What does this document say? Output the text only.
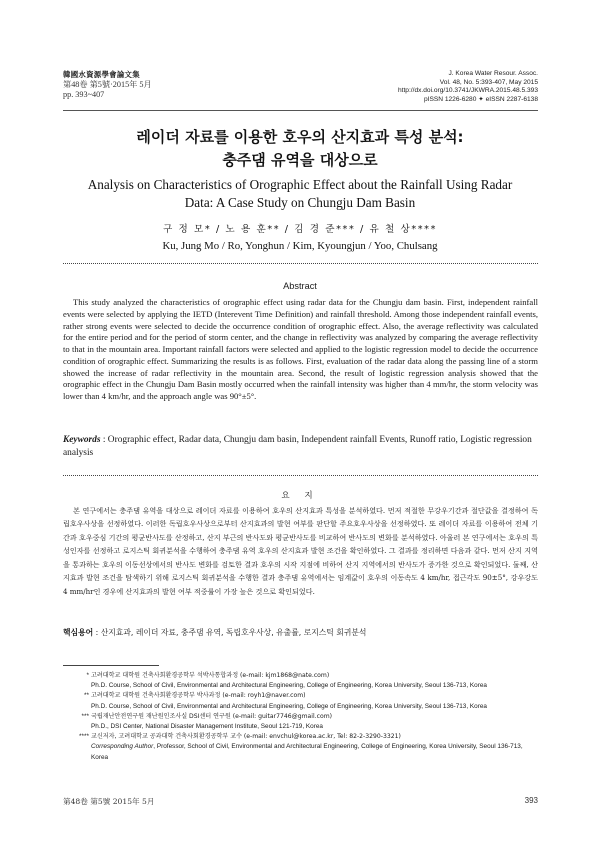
韓國水資源學會論文集
第48卷 第5號·2015年 5月
pp. 393~407
J. Korea Water Resour. Assoc.
Vol. 48, No. 5:393-407, May 2015
http://dx.doi.org/10.3741/JKWRA.2015.48.5.393
pISSN 1226-6280 ✦ eISSN 2287-6138
레이더 자료를 이용한 호우의 산지효과 특성 분석:
충주댐 유역을 대상으로
Analysis on Characteristics of Orographic Effect about the Rainfall Using Radar
Data: A Case Study on Chungju Dam Basin
구 정 모* / 노 용 훈** / 김 경 준*** / 유 철 상****
Ku, Jung Mo / Ro, Yonghun / Kim, Kyoungjun / Yoo, Chulsang
Abstract
This study analyzed the characteristics of orographic effect using radar data for the Chungju dam basin. First, independent rainfall events were selected by applying the IETD (Interevent Time Definition) and rainfall threshold. Among those independent rainfall events, rather strong events were selected to decide the occurrence condition of orographic effect. Also, the average reflectivity was calculated for the entire period and for the period of storm center, and the change in reflectivity was analyzed by comparing the average reflectivity to that in the mountain area. Important rainfall factors were selected and applied to the logistic regression model to decide the occurrence condition of orographic effect. Summarizing the results is as follows. First, evaluation of the radar data along the passing line of a storm showed the increase of radar reflectivity in the mountain area. Second, the result of logistic regression analysis showed that the orographic effect in the Chungju Dam Basin mostly occurred when the rainfall intensity was higher than 4 mm/hr, the storm velocity was lower than 4 km/hr, and the approach angle was 90°±5°.
Keywords : Orographic effect, Radar data, Chungju dam basin, Independent rainfall Events, Runoff ratio, Logistic regression analysis
요 지
본 연구에서는 충주댐 유역을 대상으로 레이더 자료를 이용하여 호우의 산지효과 특성을 분석하였다. 먼저 적절한 무강우기간과 절단값을 결정하여 독립호우사상을 선정하였다. 이러한 독립호우사상으로부터 산지효과의 발현 여부를 판단할 주요호우사상을 선정하였다. 또 레이더 자료를 이용하여 전체 기간과 호우중심 기간의 평균반사도를 산정하고, 산지 부근의 반사도와 평균반사도를 비교하여 반사도의 변화를 분석하였다. 아울러 본 연구에서는 호우의 특성인자를 선정하고 로지스틱 회귀분석을 수행하여 충주댐 유역 호우의 산지효과 발현 조건을 확인하였다. 그 결과를 정리하면 다음과 같다. 먼저 산지 지역을 통과하는 호우의 이동선상에서의 반사도 변화를 검토한 결과 호우의 시작 지점에 비하여 산지 지역에서의 반사도가 증가한 것으로 확인되었다. 둘째, 산지효과 발현 조건을 탐색하기 위해 로지스틱 회귀분석을 수행한 결과 충주댐 유역에서는 임계값이 호우의 이동속도 4 km/hr, 접근각도 90±5°, 강우강도 4 mm/hr인 경우에 산지효과의 발현 여부 적중률이 가장 높은 것으로 확인되었다.
핵심용어 : 산지효과, 레이더 자료, 충주댐 유역, 독립호우사상, 유출률, 로지스틱 회귀분석
* 고려대학교 대학원 건축사회환경공학부 석박사통합과정 (e-mail: kjm1868@nate.com)
Ph.D. Course, School of Civil, Environmental and Architectural Engineering, College of Engineering, Korea University, Seoul 136-713, Korea
** 고려대학교 대학원 건축사회환경공학부 박사과정 (e-mail: royh1@naver.com)
Ph.D. Course, School of Civil, Environmental and Architectural Engineering, College of Engineering, Korea University, Seoul 136-713, Korea
*** 국립재난안전연구원 재난원인조사실 DSI센터 연구원 (e-mail: guitar7746@gmail.com)
Ph.D., DSI Center, National Disaster Management Institute, Seoul 121-719, Korea
**** 교신저자, 고려대학교 공과대학 건축사회환경공학부 교수 (e-mail: envchul@korea.ac.kr, Tel: 82-2-3290-3321)
Corresponding Author, Professor, School of Civil, Environmental and Architectural Engineering, College of Engineering, Korea University, Seoul 136-713, Korea
第48卷 第5號 2015年 5月	393
